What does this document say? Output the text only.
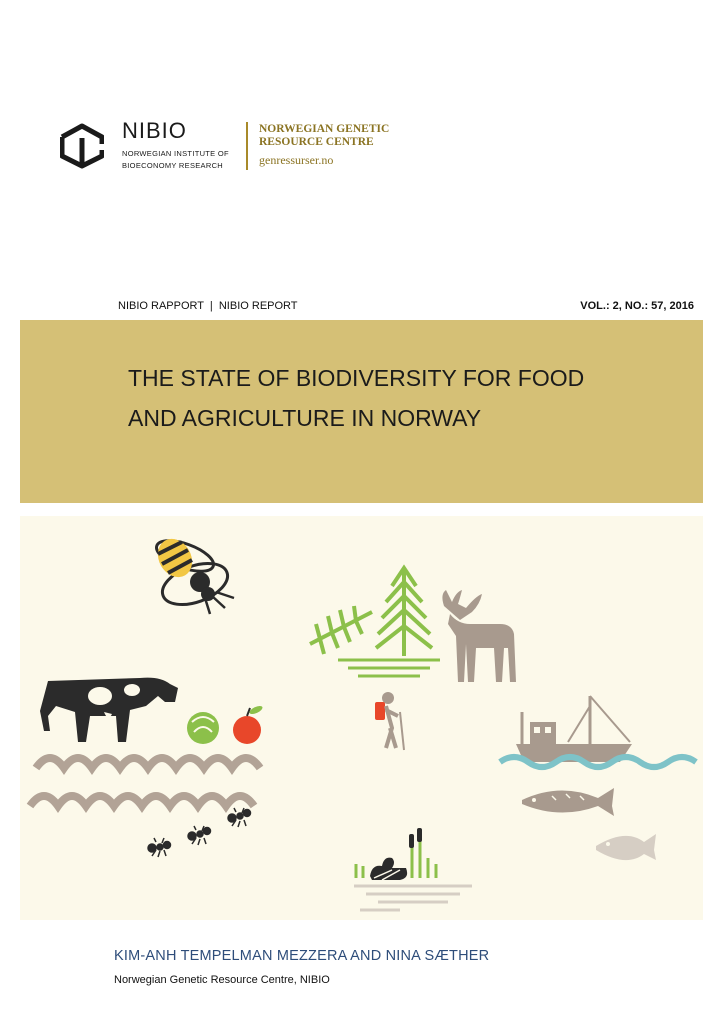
NIBIO
NORWEGIAN INSTITUTE OF BIOECONOMY RESEARCH
NORWEGIAN GENETIC RESOURCE CENTRE
genressurser.no
NIBIO RAPPORT  |  NIBIO REPORT	VOL.: 2, NO.: 57, 2016
THE STATE OF BIODIVERSITY FOR FOOD
AND AGRICULTURE IN NORWAY
KIM-ANH TEMPELMAN MEZZERA AND NINA SÆTHER
Norwegian Genetic Resource Centre, NIBIO
